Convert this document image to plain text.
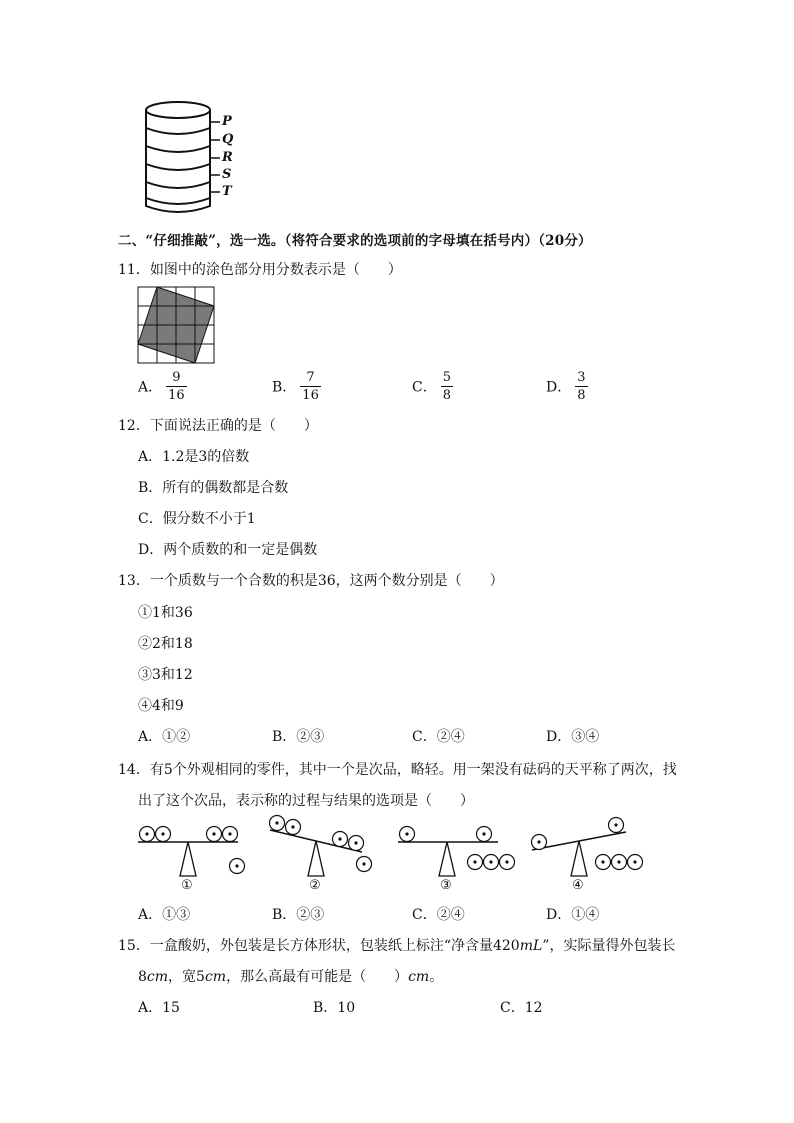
P
Q
R
S
T
二、“仔细推敲”，选一选。（将符合要求的选项前的字母填在括号内）（20分）
11．如图中的涂色部分用分数表示是（　　）
A． $\frac{9}{16}$	B． $\frac{7}{16}$	C． $\frac{5}{8}$	D． $\frac{3}{8}$
12．下面说法正确的是（　　）
A．1.2是3的倍数
B．所有的偶数都是合数
C．假分数不小于1
D．两个质数的和一定是偶数
13．一个质数与一个合数的积是36，这两个数分别是（　　）
①1和36
②2和18
③3和12
④4和9
A．①②	B．②③	C．②④	D．③④
14．有5个外观相同的零件，其中一个是次品，略轻。用一架没有砝码的天平称了两次，找
出了这个次品，表示称的过程与结果的选项是（　　）
①	②	③	④
A．①③	B．②③	C．②④	D．①④
15．一盒酸奶，外包装是长方体形状，包装纸上标注“净含量420mL”，实际量得外包装长
8cm，宽5cm，那么高最有可能是（　　）cm。
A．15	B．10	C．12
